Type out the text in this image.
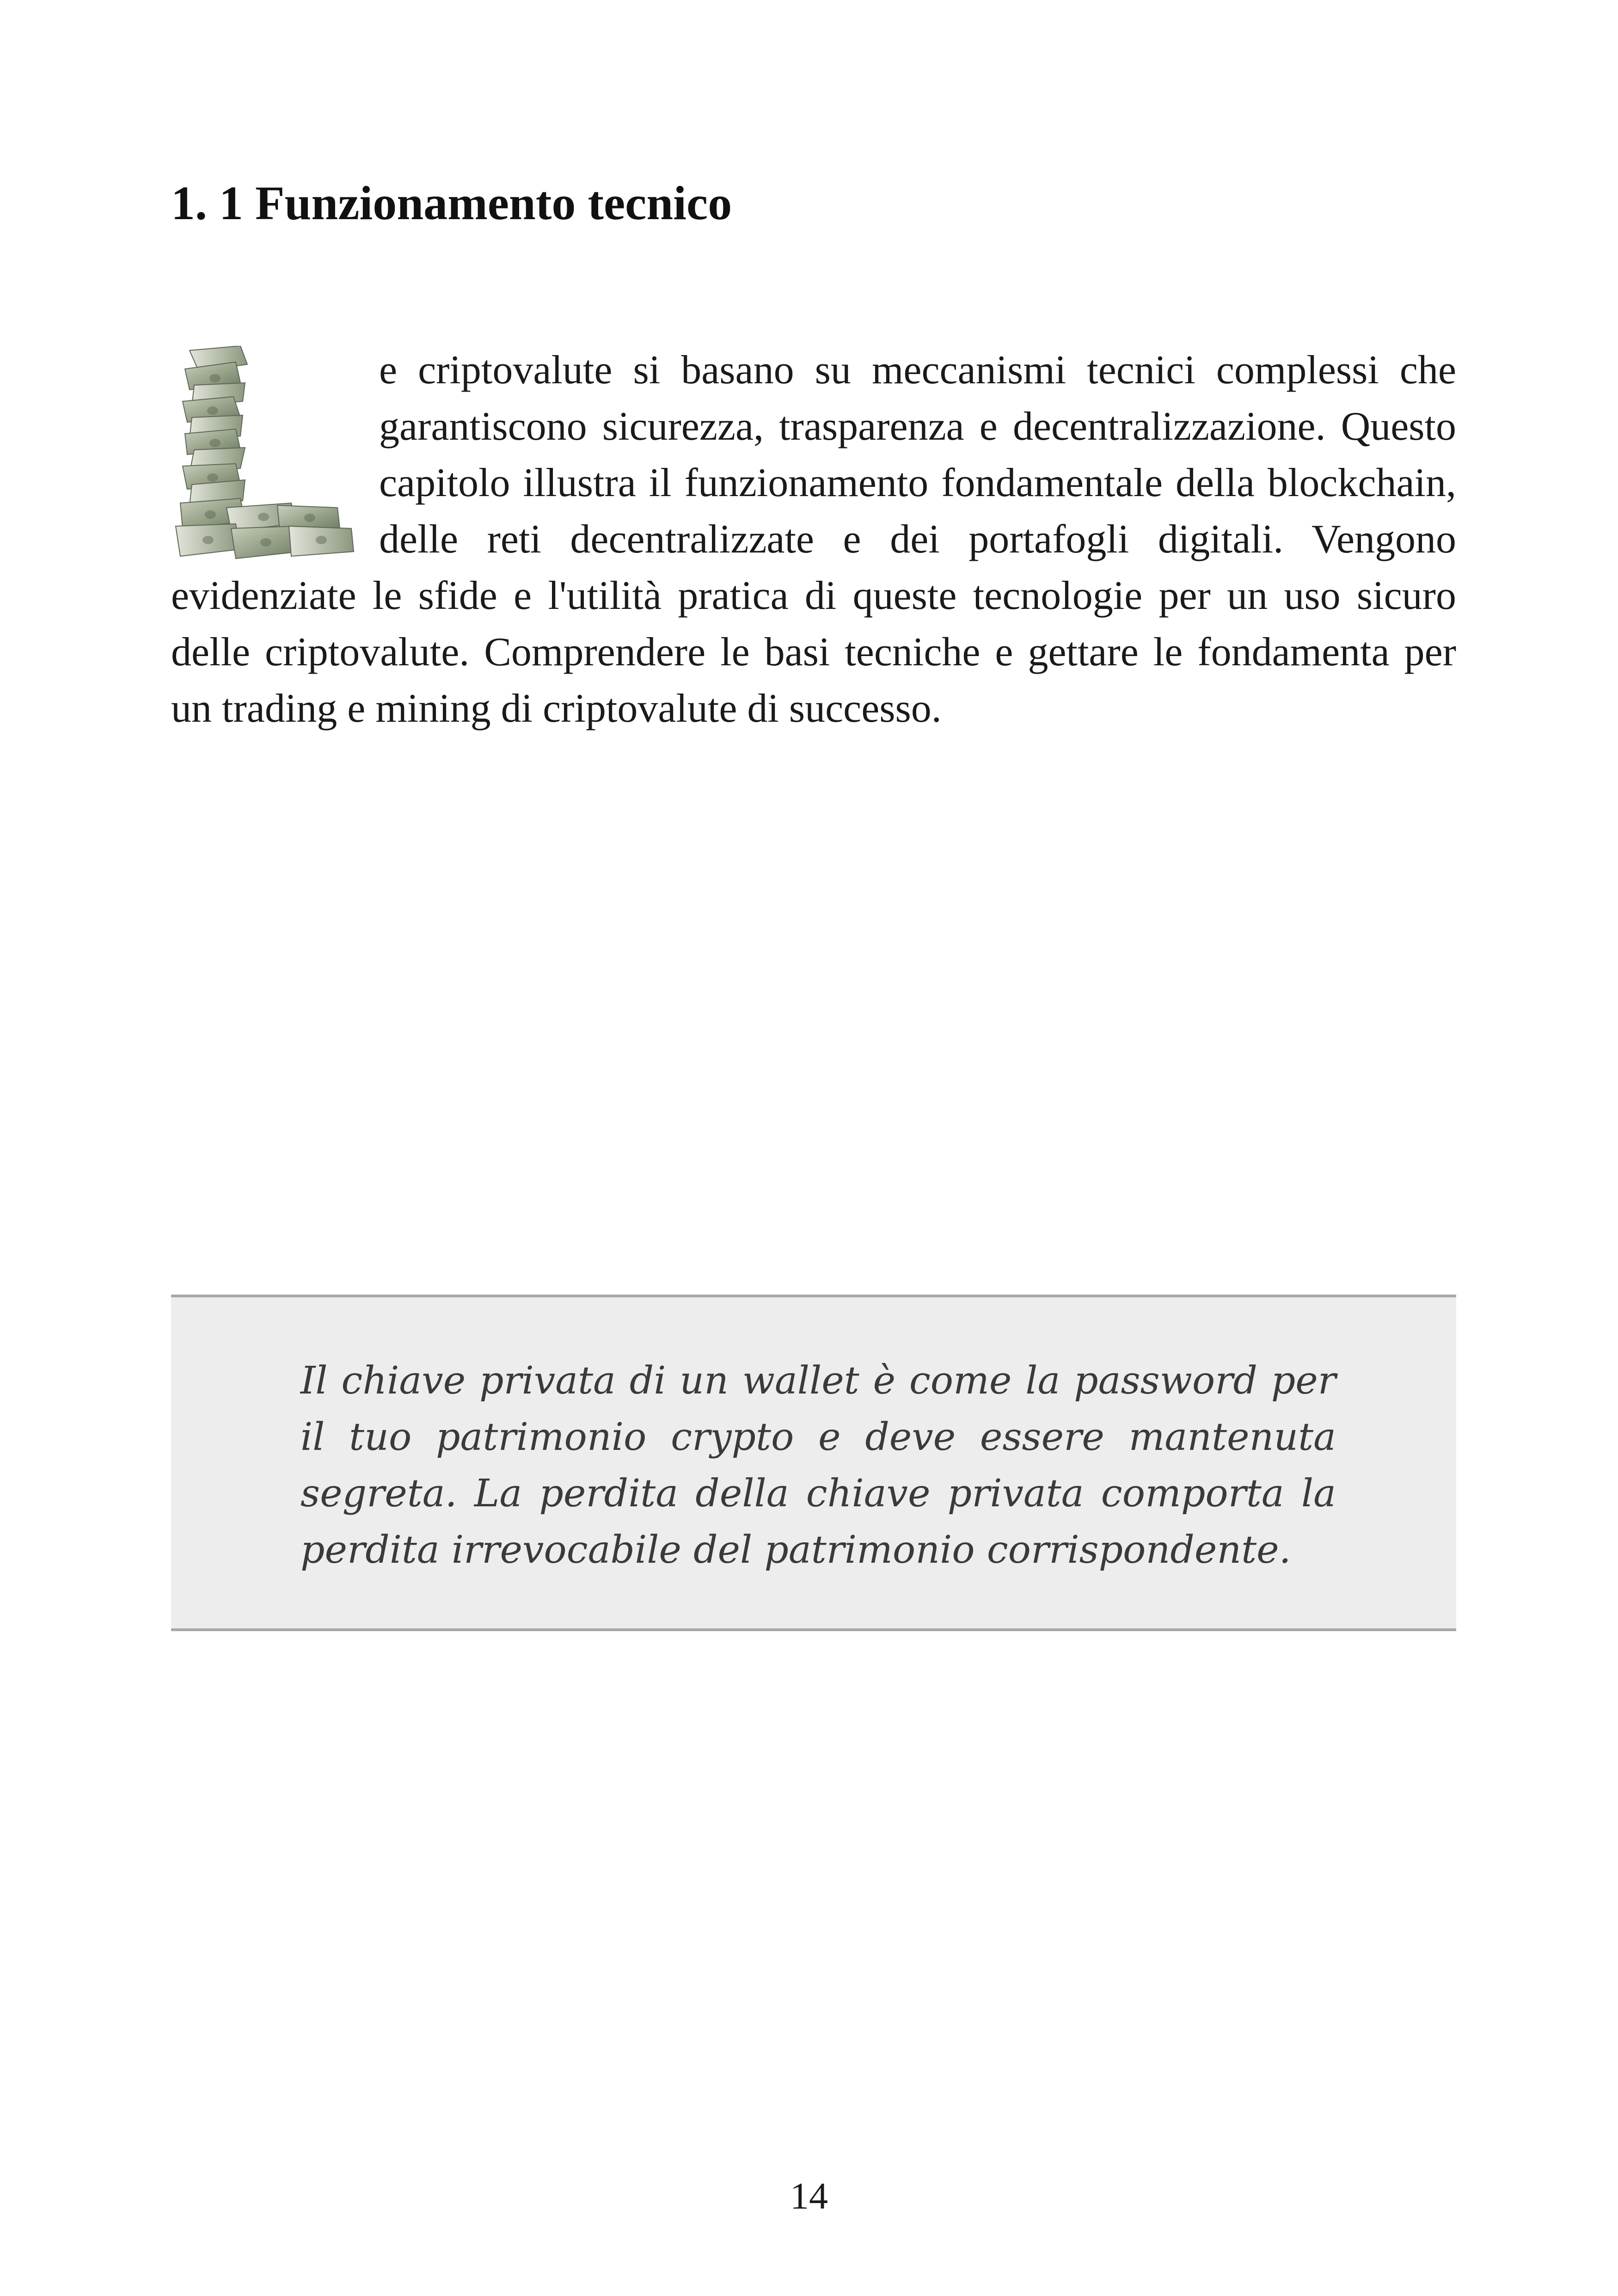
1. 1 Funzionamento tecnico

e criptovalute si basano su meccanismi tecnici complessi che garantiscono sicurezza, trasparenza e decentralizzazione. Questo capitolo illustra il funzionamento fondamentale della blockchain, delle reti decentralizzate e dei portafogli digitali. Vengono evidenziate le sfide e l'utilità pratica di queste tecnologie per un uso sicuro delle criptovalute. Comprendere le basi tecniche e gettare le fondamenta per un trading e mining di criptovalute di successo.

Il chiave privata di un wallet è come la password per il tuo patrimonio crypto e deve essere mantenuta segreta. La perdita della chiave privata comporta la perdita irrevocabile del patrimonio corrispondente.

14
